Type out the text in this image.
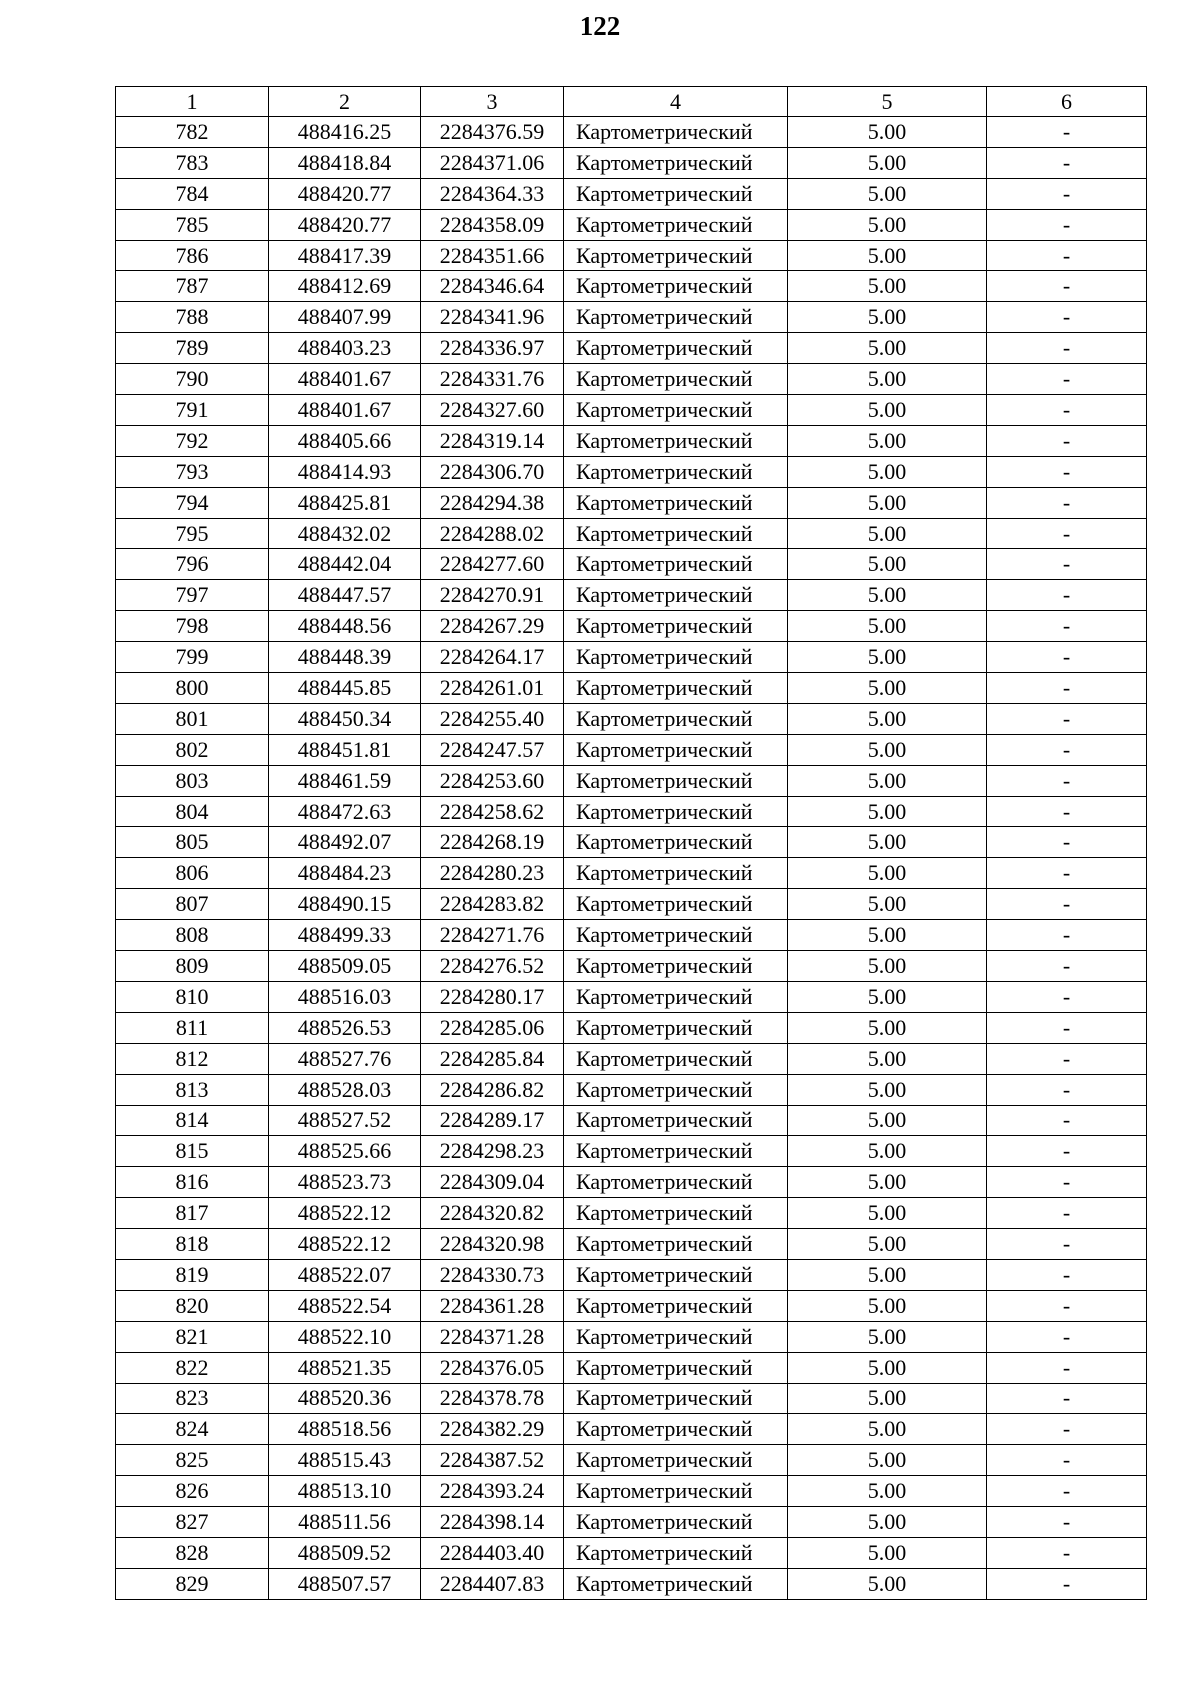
122
1	2	3	4	5	6
782	488416.25	2284376.59	Картометрический	5.00	-
783	488418.84	2284371.06	Картометрический	5.00	-
784	488420.77	2284364.33	Картометрический	5.00	-
785	488420.77	2284358.09	Картометрический	5.00	-
786	488417.39	2284351.66	Картометрический	5.00	-
787	488412.69	2284346.64	Картометрический	5.00	-
788	488407.99	2284341.96	Картометрический	5.00	-
789	488403.23	2284336.97	Картометрический	5.00	-
790	488401.67	2284331.76	Картометрический	5.00	-
791	488401.67	2284327.60	Картометрический	5.00	-
792	488405.66	2284319.14	Картометрический	5.00	-
793	488414.93	2284306.70	Картометрический	5.00	-
794	488425.81	2284294.38	Картометрический	5.00	-
795	488432.02	2284288.02	Картометрический	5.00	-
796	488442.04	2284277.60	Картометрический	5.00	-
797	488447.57	2284270.91	Картометрический	5.00	-
798	488448.56	2284267.29	Картометрический	5.00	-
799	488448.39	2284264.17	Картометрический	5.00	-
800	488445.85	2284261.01	Картометрический	5.00	-
801	488450.34	2284255.40	Картометрический	5.00	-
802	488451.81	2284247.57	Картометрический	5.00	-
803	488461.59	2284253.60	Картометрический	5.00	-
804	488472.63	2284258.62	Картометрический	5.00	-
805	488492.07	2284268.19	Картометрический	5.00	-
806	488484.23	2284280.23	Картометрический	5.00	-
807	488490.15	2284283.82	Картометрический	5.00	-
808	488499.33	2284271.76	Картометрический	5.00	-
809	488509.05	2284276.52	Картометрический	5.00	-
810	488516.03	2284280.17	Картометрический	5.00	-
811	488526.53	2284285.06	Картометрический	5.00	-
812	488527.76	2284285.84	Картометрический	5.00	-
813	488528.03	2284286.82	Картометрический	5.00	-
814	488527.52	2284289.17	Картометрический	5.00	-
815	488525.66	2284298.23	Картометрический	5.00	-
816	488523.73	2284309.04	Картометрический	5.00	-
817	488522.12	2284320.82	Картометрический	5.00	-
818	488522.12	2284320.98	Картометрический	5.00	-
819	488522.07	2284330.73	Картометрический	5.00	-
820	488522.54	2284361.28	Картометрический	5.00	-
821	488522.10	2284371.28	Картометрический	5.00	-
822	488521.35	2284376.05	Картометрический	5.00	-
823	488520.36	2284378.78	Картометрический	5.00	-
824	488518.56	2284382.29	Картометрический	5.00	-
825	488515.43	2284387.52	Картометрический	5.00	-
826	488513.10	2284393.24	Картометрический	5.00	-
827	488511.56	2284398.14	Картометрический	5.00	-
828	488509.52	2284403.40	Картометрический	5.00	-
829	488507.57	2284407.83	Картометрический	5.00	-
